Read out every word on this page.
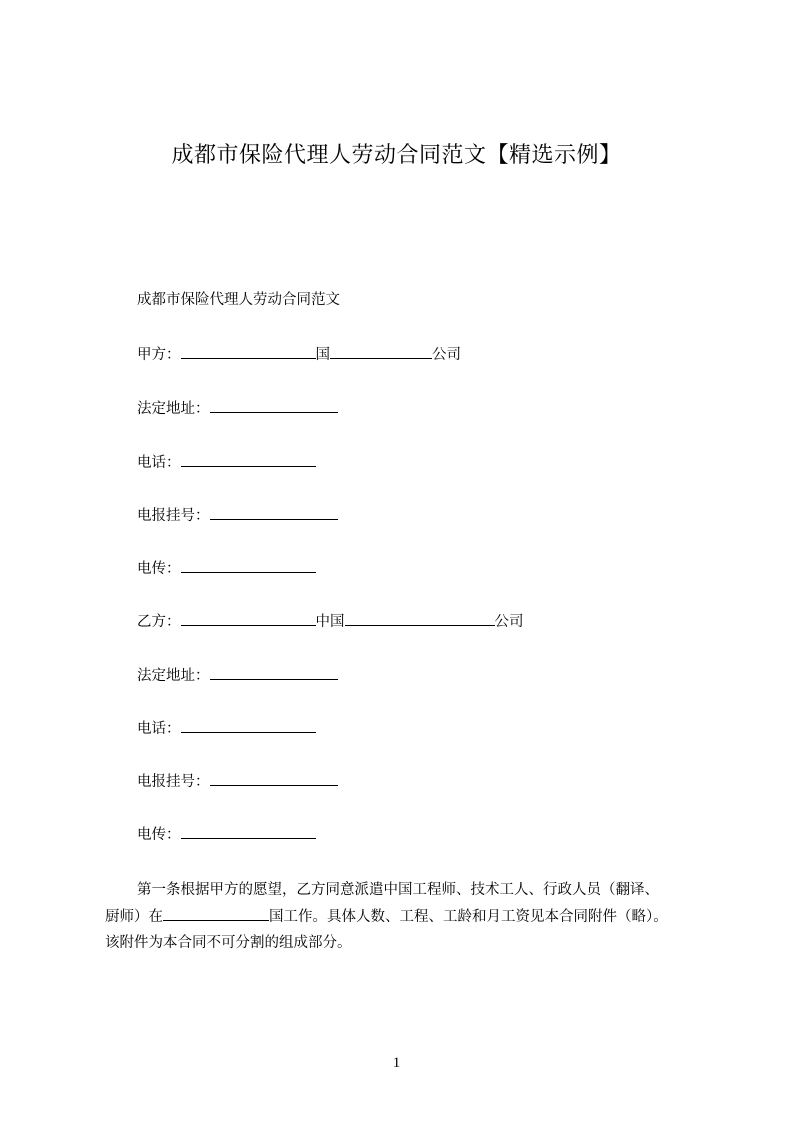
成都市保险代理人劳动合同范文【精选示例】
成都市保险代理人劳动合同范文
甲方：	国	公司
法定地址：
电话：
电报挂号：
电传：
乙方：	中国	公司
法定地址：
电话：
电报挂号：
电传：
第一条根据甲方的愿望，乙方同意派遣中国工程师、技术工人、行政人员（翻译、
厨师）在	国工作。具体人数、工程、工龄和月工资见本合同附件（略）。
该附件为本合同不可分割的组成部分。
1
